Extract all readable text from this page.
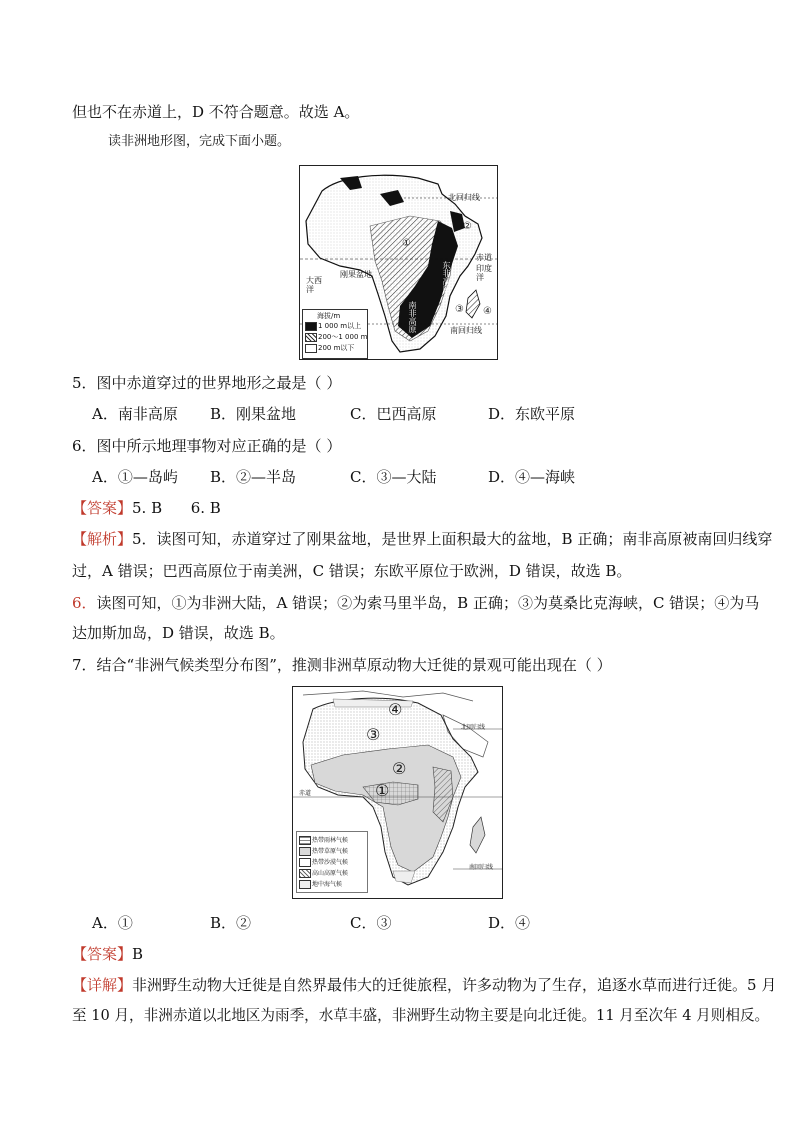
但也不在赤道上，D 不符合题意。故选 A。
读非洲地形图，完成下面小题。
北回归线
赤道
印度洋
大西洋
刚果盆地
南回归线
东非高原
南非高原
①
②
③ ④
海拔/m
1 000 m以上
200～1 000 m
200 m以下
5．图中赤道穿过的世界地形之最是（ ）
A．南非高原 B．刚果盆地	C．巴西高原	D．东欧平原
6．图中所示地理事物对应正确的是（ ）
A．①—岛屿 B．②—半岛	C．③—大陆	D．④—海峡
【答案】5. B      6. B
【解析】5．读图可知，赤道穿过了刚果盆地，是世界上面积最大的盆地，B 正确；南非高原被南回归线穿
过，A 错误；巴西高原位于南美洲，C 错误；东欧平原位于欧洲，D 错误，故选 B。
6．读图可知，①为非洲大陆，A 错误；②为索马里半岛，B 正确；③为莫桑比克海峡，C 错误；④为马
达加斯加岛，D 错误，故选 B。
7．结合“非洲气候类型分布图”，推测非洲草原动物大迁徙的景观可能出现在（ ）
北回归线
赤道
南回归线
①
②
③
④
热带雨林气候
热带草原气候
热带沙漠气候
高山高原气候
地中海气候
A．①	B．②	C．③	D．④
【答案】B
【详解】非洲野生动物大迁徙是自然界最伟大的迁徙旅程，许多动物为了生存，追逐水草而进行迁徙。5 月
至 10 月，非洲赤道以北地区为雨季，水草丰盛，非洲野生动物主要是向北迁徙。11 月至次年 4 月则相反。
